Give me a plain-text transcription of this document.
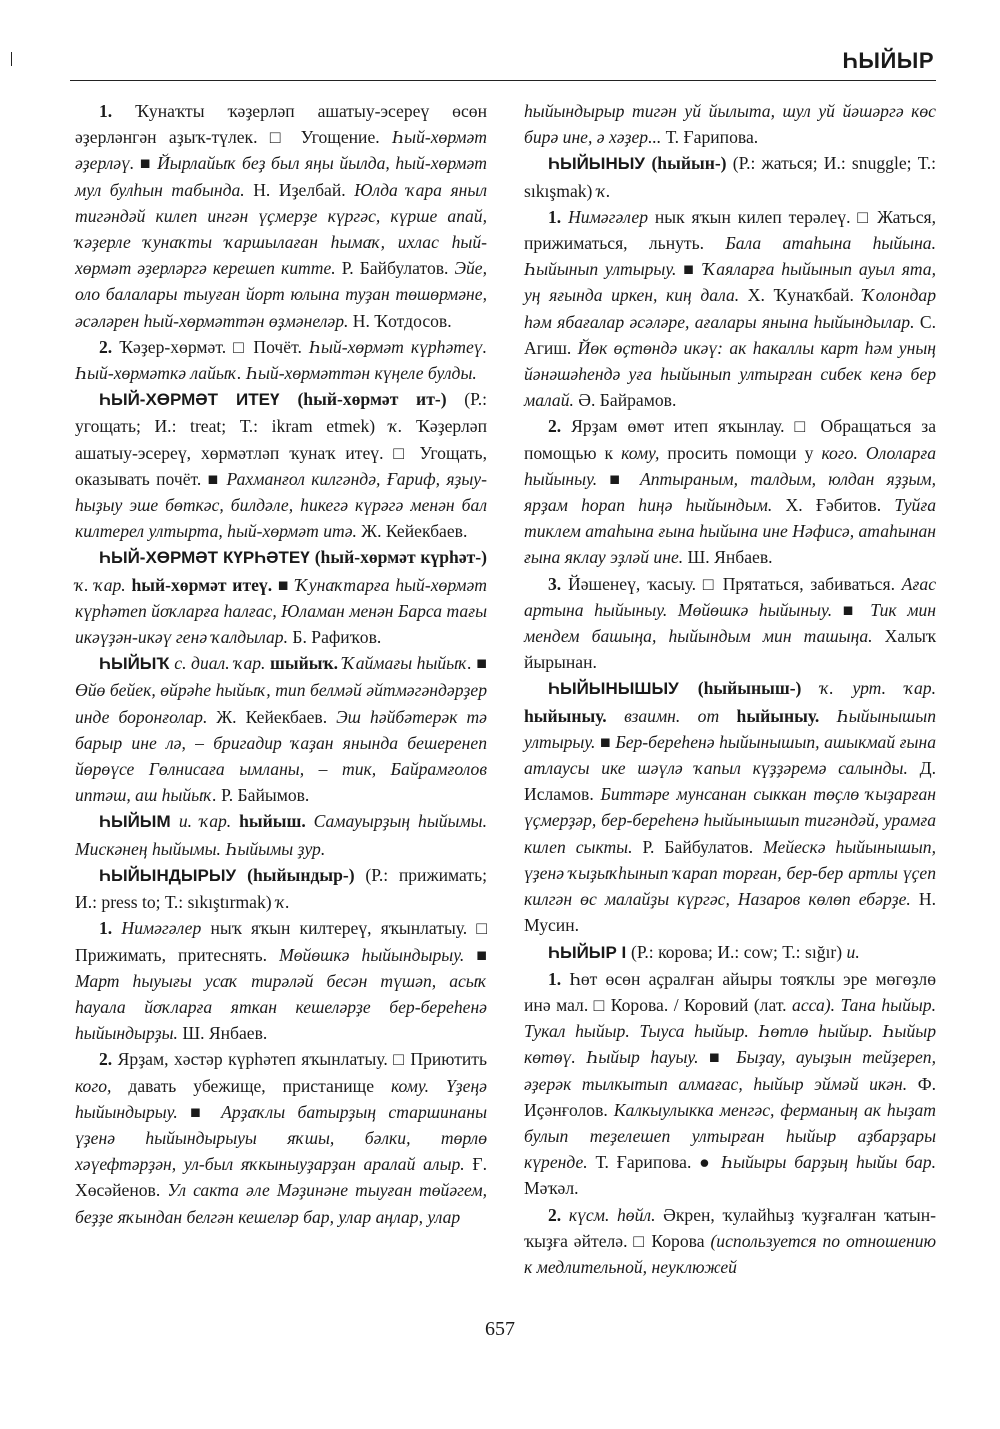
ҺЫЙЫР

1. Ҡунаҡты ҡәҙерләп ашатыу-эсереү өсөн әҙерләнгән аҙыҡ-түлек. □ Угощение. Һый-хөрмәт әҙерләү. ■ Йырлайыҡ беҙ был яңы йылда, һый-хөрмәт мул булһын табында. Н. Иҙелбай. Юлда ҡара яныл тигәндәй килеп ингән үҫмерҙе күргәс, күрше апай, ҡәҙерле ҡунаҡты ҡаршылаған һымаҡ, ихлас һый-хөрмәт әҙерләргә керешеп китте. Р. Байбулатов. Эйе, оло балалары тыуған йорт юлына туҙан төшөрмәне, әсәләрен һый-хөрмәттән өҙмәнеләр. Н. Ҡотдосов.

2. Ҡәҙер-хөрмәт. □ Почёт. Һый-хөрмәт күрһәтеү. Һый-хөрмәткә лайыҡ. Һый-хөрмәттән күңеле булды.

ҺЫЙ-ХӨРМӘТ ИТЕҮ (һый-хөрмәт ит-) (Р.: угощать; И.: treat; Т.: ikram etmek) ҡ. Ҡәҙерләп ашатыу-эсереү, хөрмәтләп ҡунаҡ итеү. □ Угощать, оказывать почёт. ■ Рахманғол килгәндә, Ғариф, яҙыу-һыҙыу эше бөткәс, билдәле, һикегә күрәгә менән бал килтерел ултырта, һый-хөрмәт итә. Ж. Кейекбаев.

ҺЫЙ-ХӨРМӘТ КҮРҺӘТЕҮ (һый-хөрмәт күрһәт-) ҡ. ҡар. һый-хөрмәт итеү. ■ Ҡунаҡтарға һый-хөрмәт күрһәтеп йоҡларға һалғас, Юламан менән Барса тағы икәүҙән-икәү генә ҡалдылар. Б. Рафиҡов.

ҺЫЙЫҠ с. диал. ҡар. шыйыҡ. Ҡаймағы һыйыҡ. ■ Өйө бейек, өйрәһе һыйыҡ, тип белмәй әйтмәгәндәрҙер инде боронғолар. Ж. Кейекбаев. Эш һәйбәтерәк тә барыр ине лә, – бригадир ҡаҙан янында бешеренеп йөрөүсе Гөлнисаға ымланы, – тик, Байрамғолов иптәш, аш һыйыҡ. Р. Байымов.

ҺЫЙЫМ и. ҡар. һыйыш. Самауырҙың һыйымы. Мискәнең һыйымы. Һыйымы ҙур.

ҺЫЙЫНДЫРЫУ (һыйындыр-) (Р.: прижимать; И.: press to; Т.: sıkıştırmak) ҡ.

1. Нимәгәлер ныҡ яҡын килтереү, яҡынлатыу. □ Прижимать, притеснять. Мөйөшкә һыйындырыу. ■ Март һыуығы усаҡ тирәләй бесән түшәп, асыҡ һауала йоҡларға яткан кешеләрҙе бер-береһенә һыйындырҙы. Ш. Янбаев.

2. Ярҙам, хәстәр күрһәтеп яҡынлатыу. □ Приютить кого, давать убежище, пристанище кому. Үҙеңә һыйындырыу. ■ Арҙаҡлы батырҙың старшинаны үҙенә һыйындырыуы яҡшы, бәлки, төрлө хәүефтәрҙән, ул-был яҡкыныуҙарҙан аралай алыр. Ғ. Хөсәйенов. Ул сакта әле Мәҙинәне тыуған төйәгем, беҙҙе яҡындан белгән кешеләр бар, улар аңлар, улар

һыйындырыр тигән уй йылыта, шул уй йәшәргә көс бирә ине, ә хәҙер... Т. Ғарипова.

ҺЫЙЫНЫУ (һыйын-) (Р.: жаться; И.: snuggle; Т.: sıkışmak) ҡ.

1. Нимәгәлер нык яҡын килеп терәлеү. □ Жаться, прижиматься, льнуть. Бала атаһына һыйына. Һыйынып ултырыу. ■ Ҡаяларға һыйынып ауыл ята, уң яғында иркен, киң дала. Х. Ҡунаҡбай. Ҡолондар һәм ябағалар әсәләре, ағалары янына һыйындылар. С. Агиш. Йөк өҫтөндә икәү: ак һакаллы карт һәм уның йәнәшәһендә уға һыйынып ултырған сибек кенә бер малай. Ә. Байрамов.

2. Ярҙам өмөт итеп яҡынлау. □ Обращаться за помощью к кому, просить помощи у кого. Ололарға һыйыныу. ■ Аптыраным, талдым, юлдан яҙҙым, ярҙам һорап һиңә һыйындым. Х. Ғәбитов. Туйға тиклем атаһына ғына һыйына ине Нәфисә, атаһынан ғына яклау эҙләй ине. Ш. Янбаев.

3. Йәшенеү, ҡасыу. □ Прятаться, забиваться. Ағас артына һыйыныу. Мөйөшкә һыйыныу. ■ Тик мин мендем башыңа, һыйындым мин ташыңа. Халыҡ йырынан.

ҺЫЙЫНЫШЫУ (һыйыныш-) ҡ. урт. ҡар. һыйыныу. взаимн. от һыйыныу. Һыйынышып ултырыу. ■ Бер-береһенә һыйынышып, ашыкмай ғына атлаусы ике шәүлә ҡапыл күҙҙәремә салынды. Д. Исламов. Биттәре мунсанан сыккан төҫлө ҡыҙарған үҫмерҙәр, бер-береһенә һыйынышып тигәндәй, урамға килеп сыкты. Р. Байбулатов. Мейескә һыйынышып, үҙенә ҡыҙыҡһынып ҡарап торған, бер-бер артлы үҫеп килгән өс малайҙы күргәс, Назаров көлөп ебәрҙе. Н. Мусин.

ҺЫЙЫР І (Р.: корова; И.: cow; Т.: sığır) и.

1. Һөт өсөн аҫралған айыры тояҡлы эре мөгөҙлө инә мал. □ Корова. / Коровий (лат. асса). Тана һыйыр. Тукал һыйыр. Тыуса һыйыр. Һөтлө һыйыр. Һыйыр көтөү. Һыйыр һауыу. ■ Быҙау, ауыҙын тейҙереп, әҙерәк тылкытып алмағас, һыйыр эймәй икән. Ф. Иҫәнғолов. Калкыулыкка менгәс, ферманың ак һыҙат булып теҙелешеп ултырған һыйыр аҙбарҙары күренде. Т. Ғарипова. ● Һыйыры барҙың һыйы бар. Мәҡәл.

2. күсм. һөйл. Әкрен, ҡулайһыҙ ҡуҙғалған ҡатын-ҡыҙға әйтелә. □ Корова (используется по отношению к медлительной, неуклюжей

657
